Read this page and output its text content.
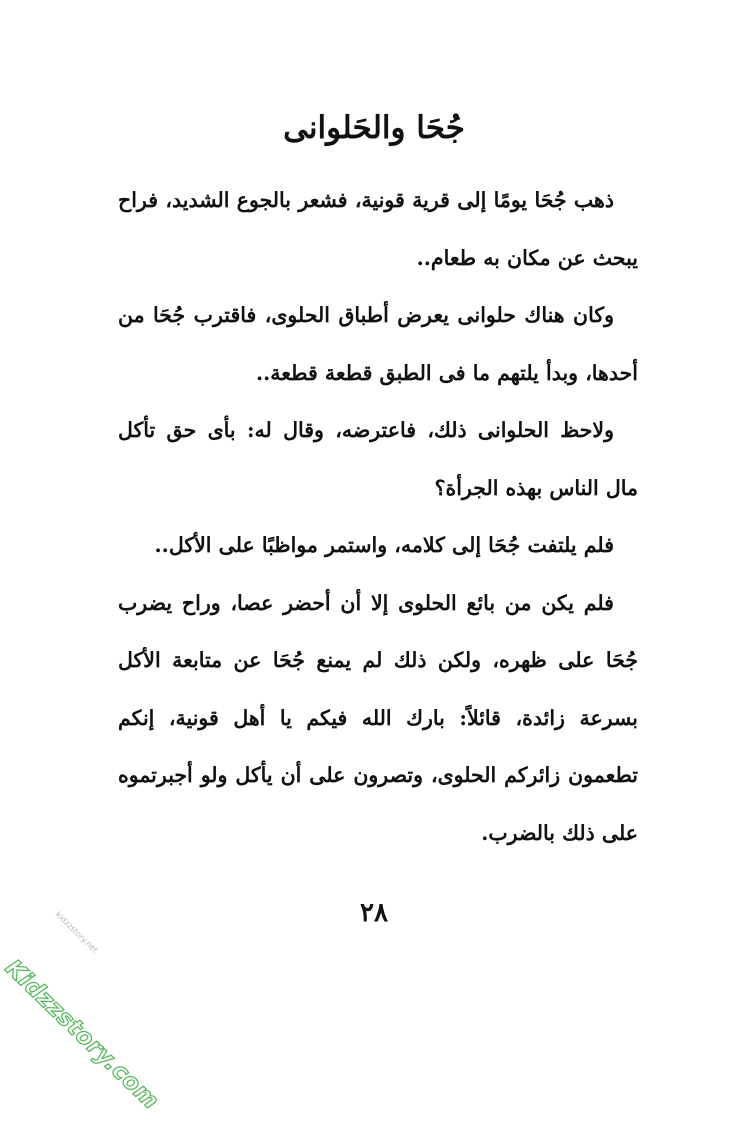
جُحَا والحَلوانى

ذهب جُحَا يومًا إلى قرية قونية، فشعر بالجوع الشديد، فراح يبحث عن مكان به طعام..

وكان هناك حلوانى يعرض أطباق الحلوى، فاقترب جُحَا من أحدها، وبدأ يلتهم ما فى الطبق قطعة قطعة..

ولاحظ الحلوانى ذلك، فاعترضه، وقال له: بأى حق تأكل مال الناس بهذه الجرأة؟

فلم يلتفت جُحَا إلى كلامه، واستمر مواظبًا على الأكل..

فلم يكن من بائع الحلوى إلا أن أحضر عصا، وراح يضرب جُحَا على ظهره، ولكن ذلك لم يمنع جُحَا عن متابعة الأكل بسرعة زائدة، قائلاً: بارك الله فيكم يا أهل قونية، إنكم تطعمون زائركم الحلوى، وتصرون على أن يأكل ولو أجبرتموه على ذلك بالضرب.

٢٨
kidzzstory.net
Kidzzstory.com
